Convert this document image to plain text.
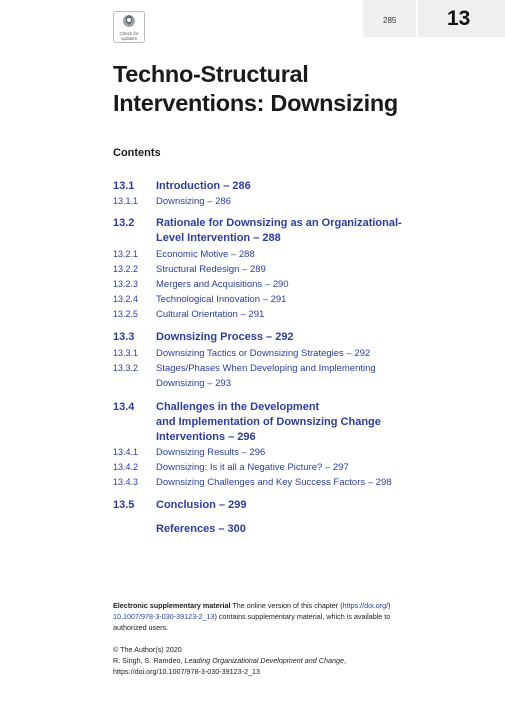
285 13
Check for
updates
Techno-Structural
Interventions: Downsizing
Contents
13.1 Introduction – 286
13.1.1 Downsizing – 286
13.2 Rationale for Downsizing as an Organizational-
Level Intervention – 288
13.2.1 Economic Motive – 288
13.2.2 Structural Redesign – 289
13.2.3 Mergers and Acquisitions – 290
13.2.4 Technological Innovation – 291
13.2.5 Cultural Orientation – 291
13.3 Downsizing Process – 292
13.3.1 Downsizing Tactics or Downsizing Strategies – 292
13.3.2 Stages/Phases When Developing and Implementing
Downsizing – 293
13.4 Challenges in the Development
and Implementation of Downsizing Change
Interventions – 296
13.4.1 Downsizing Results – 296
13.4.2 Downsizing: Is it all a Negative Picture? – 297
13.4.3 Downsizing Challenges and Key Success Factors – 298
13.5 Conclusion – 299
References – 300
Electronic supplementary material The online version of this chapter (https://doi.org/)
10.1007/978-3-030-39123-2_13) contains supplementary material, which is available to
authorized users.
© The Author(s) 2020
R. Singh, S. Ramdeo, Leading Organizational Development and Change,
https://doi.org/10.1007/978-3-030-39123-2_13
